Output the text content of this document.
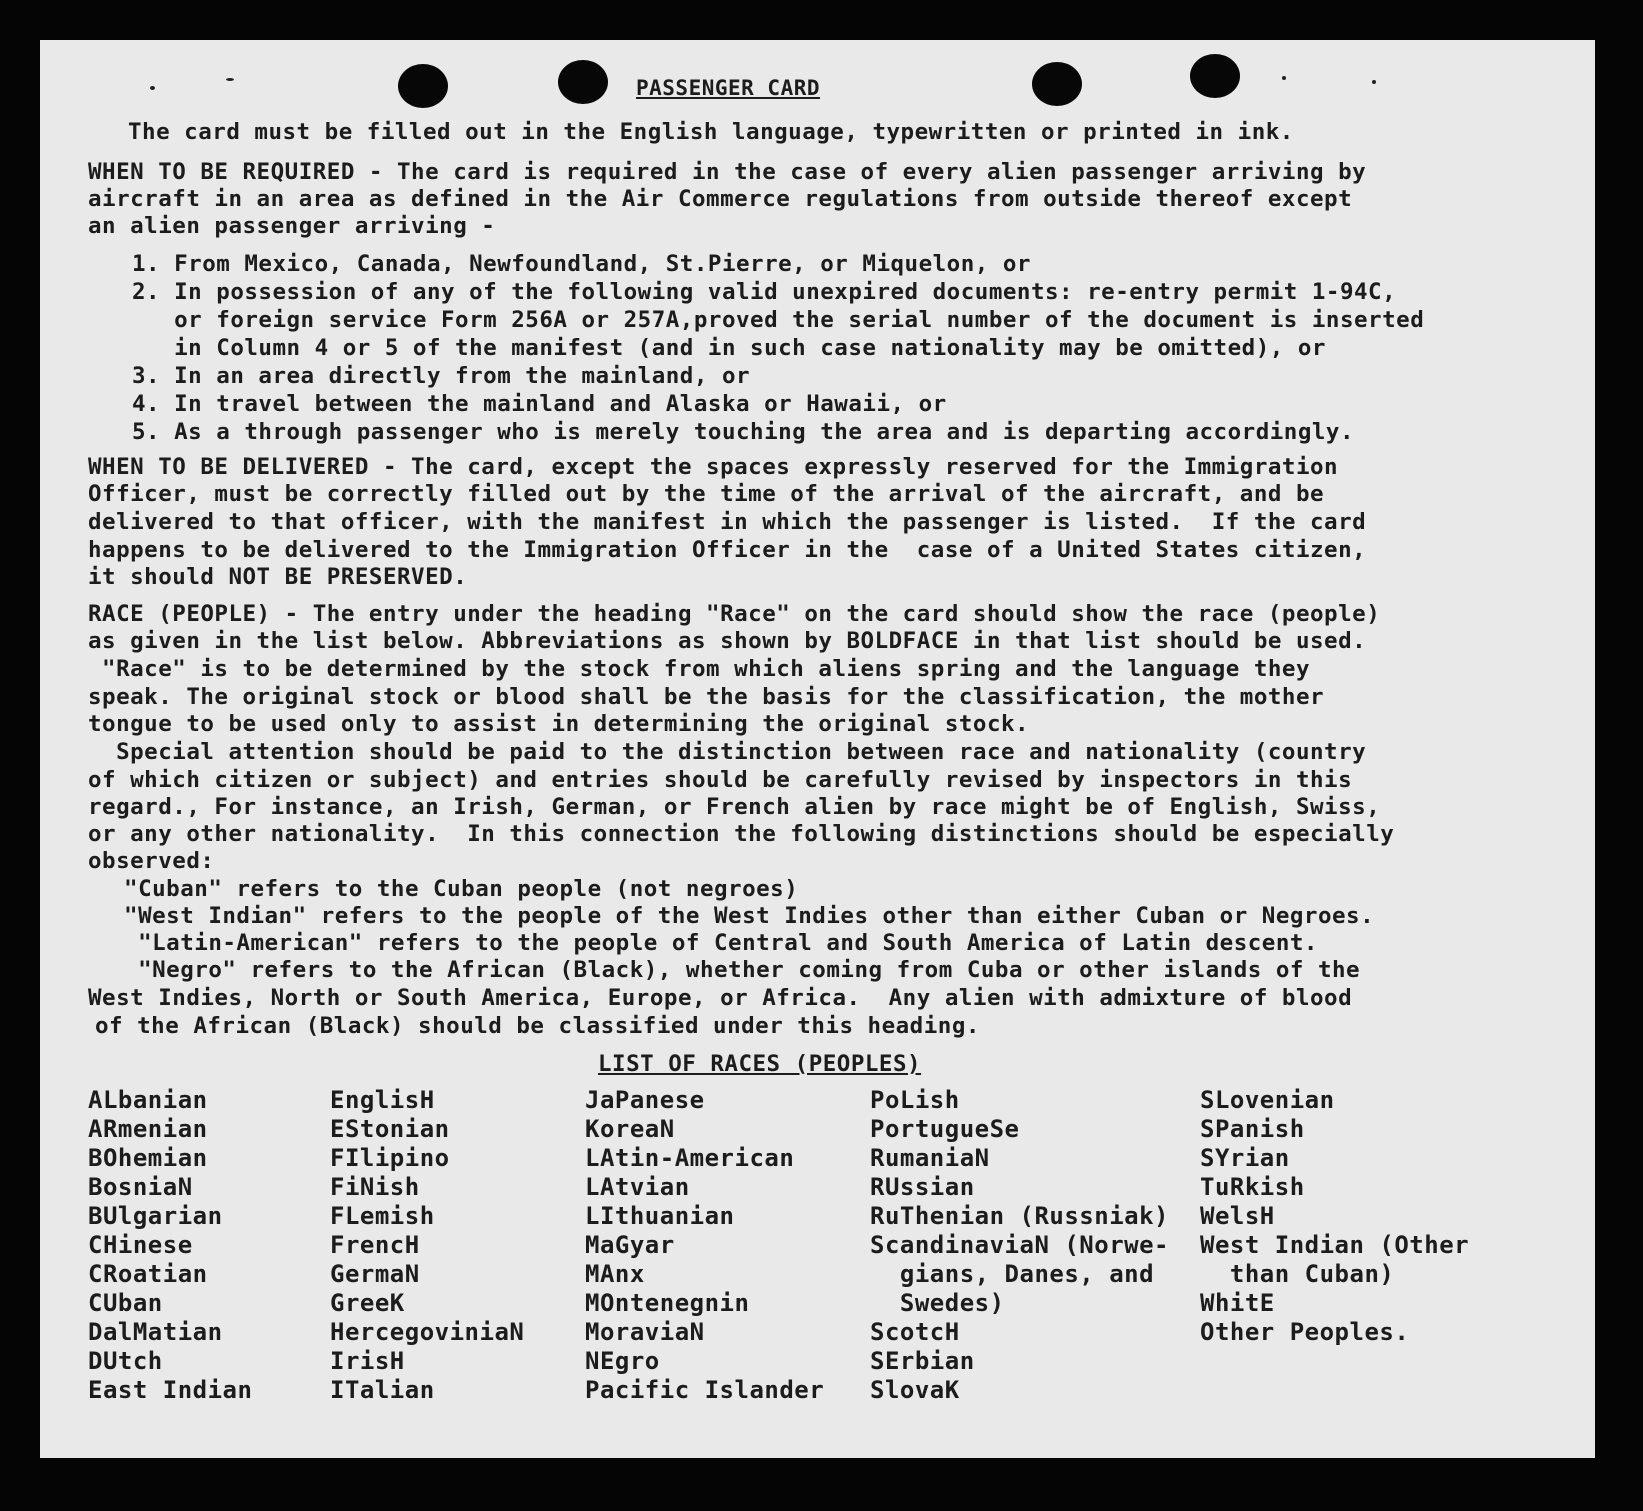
PASSENGER CARD
The card must be filled out in the English language, typewritten or printed in ink.
WHEN TO BE REQUIRED - The card is required in the case of every alien passenger arriving by
aircraft in an area as defined in the Air Commerce regulations from outside thereof except
an alien passenger arriving -
1. From Mexico, Canada, Newfoundland, St.Pierre, or Miquelon, or
2. In possession of any of the following valid unexpired documents: re-entry permit 1-94C,
or foreign service Form 256A or 257A,proved the serial number of the document is inserted
in Column 4 or 5 of the manifest (and in such case nationality may be omitted), or
3. In an area directly from the mainland, or
4. In travel between the mainland and Alaska or Hawaii, or
5. As a through passenger who is merely touching the area and is departing accordingly.
WHEN TO BE DELIVERED - The card, except the spaces expressly reserved for the Immigration
Officer, must be correctly filled out by the time of the arrival of the aircraft, and be
delivered to that officer, with the manifest in which the passenger is listed.  If the card
happens to be delivered to the Immigration Officer in the  case of a United States citizen,
it should NOT BE PRESERVED.
RACE (PEOPLE) - The entry under the heading "Race" on the card should show the race (people)
as given in the list below. Abbreviations as shown by BOLDFACE in that list should be used.
"Race" is to be determined by the stock from which aliens spring and the language they
speak. The original stock or blood shall be the basis for the classification, the mother
tongue to be used only to assist in determining the original stock.
Special attention should be paid to the distinction between race and nationality (country
of which citizen or subject) and entries should be carefully revised by inspectors in this
regard., For instance, an Irish, German, or French alien by race might be of English, Swiss,
or any other nationality.  In this connection the following distinctions should be especially
observed:
"Cuban" refers to the Cuban people (not negroes)
"West Indian" refers to the people of the West Indies other than either Cuban or Negroes.
"Latin-American" refers to the people of Central and South America of Latin descent.
"Negro" refers to the African (Black), whether coming from Cuba or other islands of the
West Indies, North or South America, Europe, or Africa.  Any alien with admixture of blood
of the African (Black) should be classified under this heading.
LIST OF RACES (PEOPLES)
ALbanian
ARmenian
BOhemian
BosniaN
BUlgarian
CHinese
CRoatian
CUban
DalMatian
DUtch
East Indian
EnglisH
EStonian
FIlipino
FiNish
FLemish
FrencH
GermaN
GreeK
HercegoviniaN
IrisH
ITalian
JaPanese
KoreaN
LAtin-American
LAtvian
LIthuanian
MaGyar
MAnx
MOntenegnin
MoraviaN
NEgro
Pacific Islander
PoLish
PortugueSe
RumaniaN
RUssian
RuThenian (Russniak)
ScandinaviaN (Norwe-
gians, Danes, and
Swedes)
ScotcH
SErbian
SlovaK
SLovenian
SPanish
SYrian
TuRkish
WelsH
West Indian (Other
than Cuban)
WhitE
Other Peoples.
